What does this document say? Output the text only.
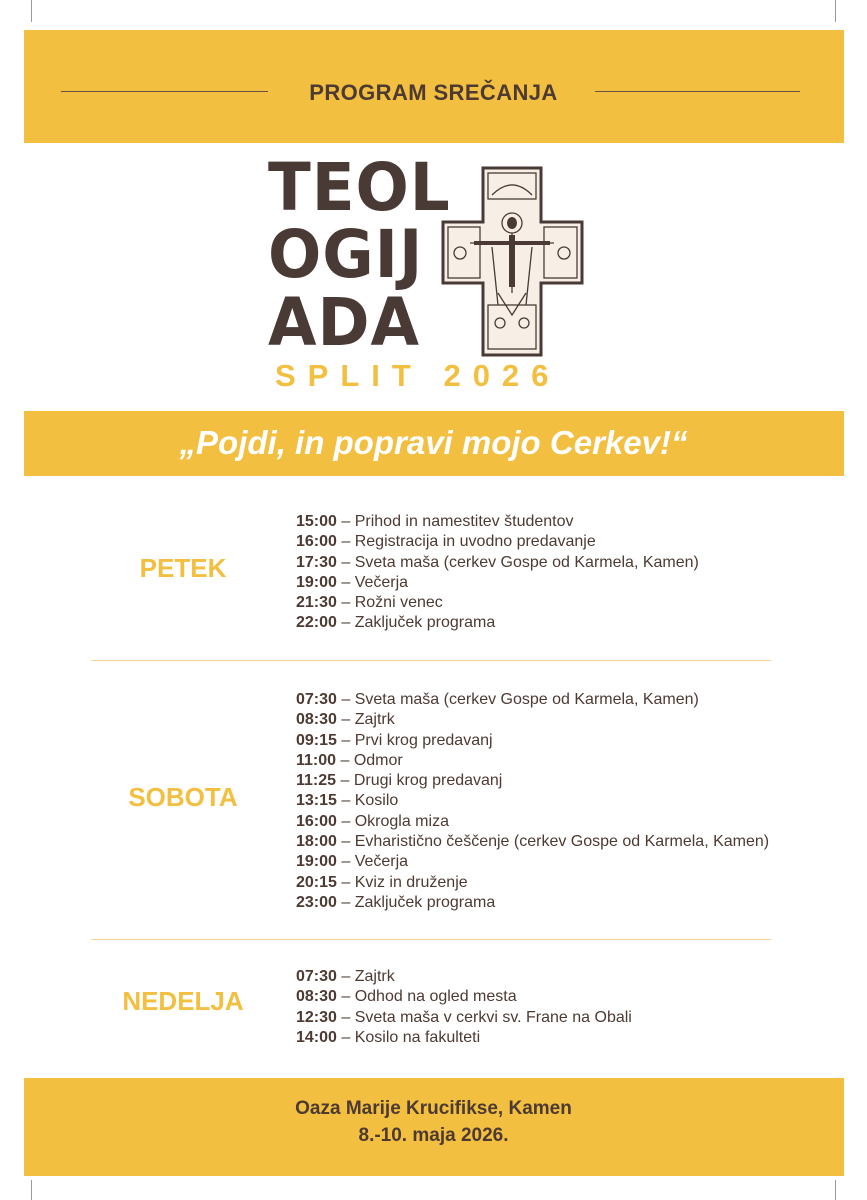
PROGRAM SREČANJA
TEOL
OGIJ
ADA
SPLIT 2026
„Pojdi, in popravi mojo Cerkev!“
PETEK
15:00 – Prihod in namestitev študentov
16:00 – Registracija in uvodno predavanje
17:30 – Sveta maša (cerkev Gospe od Karmela, Kamen)
19:00 – Večerja
21:30 – Rožni venec
22:00 – Zaključek programa
SOBOTA
07:30 – Sveta maša (cerkev Gospe od Karmela, Kamen)
08:30 – Zajtrk
09:15 – Prvi krog predavanj
11:00 – Odmor
11:25 – Drugi krog predavanj
13:15 – Kosilo
16:00 – Okrogla miza
18:00 – Evharistično češčenje (cerkev Gospe od Karmela, Kamen)
19:00 – Večerja
20:15 – Kviz in druženje
23:00 – Zaključek programa
NEDELJA
07:30 – Zajtrk
08:30 – Odhod na ogled mesta
12:30 – Sveta maša v cerkvi sv. Frane na Obali
14:00 – Kosilo na fakulteti
Oaza Marije Krucifikse, Kamen
8.-10. maja 2026.
